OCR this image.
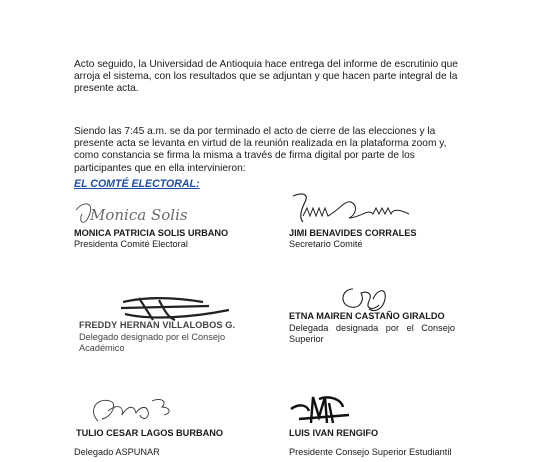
Acto seguido, la Universidad de Antioquia hace entrega del informe de escrutinio que arroja el sistema, con los resultados que se adjuntan y que hacen parte integral de la presente acta.

Siendo las 7:45 a.m. se da por terminado el acto de cierre de las elecciones y la presente acta se levanta en virtud de la reunión realizada en la plataforma zoom y, como constancia se firma la misma a través de firma digital por parte de los participantes que en ella intervinieron:

EL COMTÉ ELECTORAL:

Monica Solis
MONICA PATRICIA SOLIS URBANO
Presidenta Comité Electoral
JIMI BENAVIDES CORRALES
Secretario Comité
FREDDY HERNAN VILLALOBOS G.
Delegado designado por el Consejo Académico
ETNA MAIREN CASTAÑO GIRALDO
Delegada designada por el Consejo Superior
TULIO CESAR LAGOS BURBANO
Delegado ASPUNAR
LUIS IVAN RENGIFO
Presidente Consejo Superior Estudiantil
